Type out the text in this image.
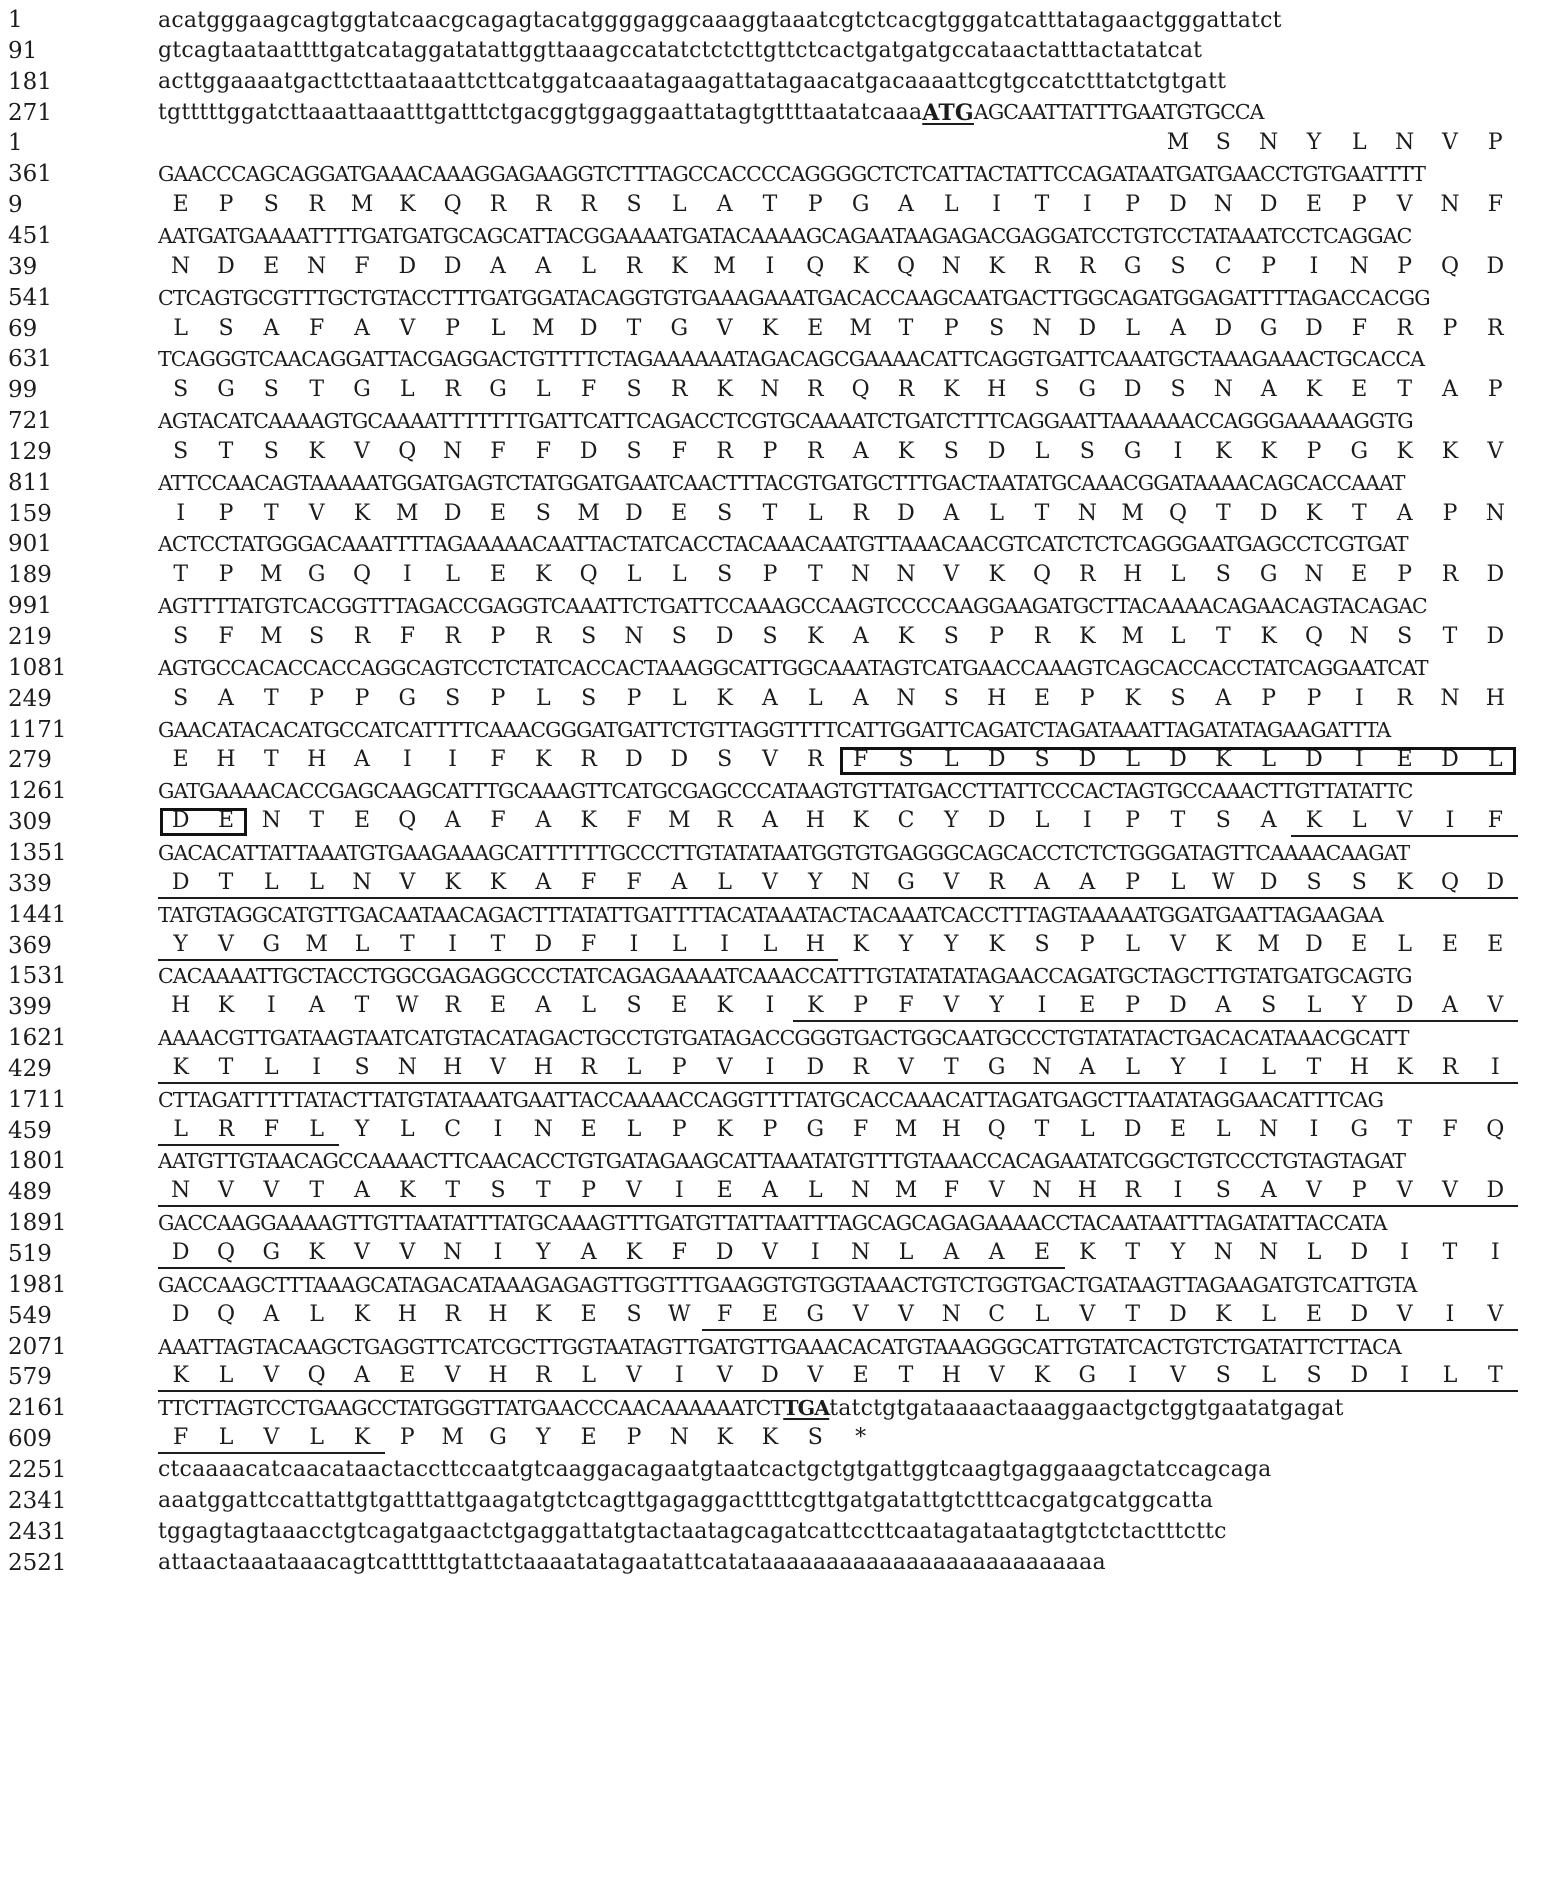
1	acatgggaagcagtggtatcaacgcagagtacatggggaggcaaaggtaaatcgtctcacgtgggatcatttatagaactgggattatct
91	gtcagtaataattttgatcataggatatattggttaaagccatatctctcttgttctcactgatgatgccataactatttactatatcat
181	acttggaaaatgacttcttaataaattcttcatggatcaaatagaagattatagaacatgacaaaattcgtgccatctttatctgtgatt
271	tgtttttggatcttaaattaaatttgatttctgacggtggaggaattatagtgttttaatatcaaa ATG AGCAATTATTTGAATGTGCCA
1	M	S	N	Y	L	N	V	P
361	GAACCCAGCAGGATGAAACAAAGGAGAAGGTCTTTAGCCACCCCAGGGGCTCTCATTACTATTCCAGATAATGATGAACCTGTGAATTTT
9	E	P	S	R	M	K	Q	R	R	R	S	L	A	T	P	G	A	L	I	T	I	P	D	N	D	E	P	V	N	F
451	AATGATGAAAATTTTGATGATGCAGCATTACGGAAAATGATACAAAAGCAGAATAAGAGACGAGGATCCTGTCCTATAAATCCTCAGGAC
39	N	D	E	N	F	D	D	A	A	L	R	K	M	I	Q	K	Q	N	K	R	R	G	S	C	P	I	N	P	Q	D
541	CTCAGTGCGTTTGCTGTACCTTTGATGGATACAGGTGTGAAAGAAATGACACCAAGCAATGACTTGGCAGATGGAGATTTTAGACCACGG
69	L	S	A	F	A	V	P	L	M	D	T	G	V	K	E	M	T	P	S	N	D	L	A	D	G	D	F	R	P	R
631	TCAGGGTCAACAGGATTACGAGGACTGTTTTCTAGAAAAAATAGACAGCGAAAACATTCAGGTGATTCAAATGCTAAAGAAACTGCACCA
99	S	G	S	T	G	L	R	G	L	F	S	R	K	N	R	Q	R	K	H	S	G	D	S	N	A	K	E	T	A	P
721	AGTACATCAAAAGTGCAAAATTTTTTTGATTCATTCAGACCTCGTGCAAAATCTGATCTTTCAGGAATTAAAAAACCAGGGAAAAAGGTG
129	S	T	S	K	V	Q	N	F	F	D	S	F	R	P	R	A	K	S	D	L	S	G	I	K	K	P	G	K	K	V
811	ATTCCAACAGTAAAAATGGATGAGTCTATGGATGAATCAACTTTACGTGATGCTTTGACTAATATGCAAACGGATAAAACAGCACCAAAT
159	I	P	T	V	K	M	D	E	S	M	D	E	S	T	L	R	D	A	L	T	N	M	Q	T	D	K	T	A	P	N
901	ACTCCTATGGGACAAATTTTAGAAAAACAATTACTATCACCTACAAACAATGTTAAACAACGTCATCTCTCAGGGAATGAGCCTCGTGAT
189	T	P	M	G	Q	I	L	E	K	Q	L	L	S	P	T	N	N	V	K	Q	R	H	L	S	G	N	E	P	R	D
991	AGTTTTATGTCACGGTTTAGACCGAGGTCAAATTCTGATTCCAAAGCCAAGTCCCCAAGGAAGATGCTTACAAAACAGAACAGTACAGAC
219	S	F	M	S	R	F	R	P	R	S	N	S	D	S	K	A	K	S	P	R	K	M	L	T	K	Q	N	S	T	D
1081	AGTGCCACACCACCAGGCAGTCCTCTATCACCACTAAAGGCATTGGCAAATAGTCATGAACCAAAGTCAGCACCACCTATCAGGAATCAT
249	S	A	T	P	P	G	S	P	L	S	P	L	K	A	L	A	N	S	H	E	P	K	S	A	P	P	I	R	N	H
1171	GAACATACACATGCCATCATTTTCAAACGGGATGATTCTGTTAGGTTTTCATTGGATTCAGATCTAGATAAATTAGATATAGAAGATTTA
279	E	H	T	H	A	I	I	F	K	R	D	D	S	V	R	F	S	L	D	S	D	L	D	K	L	D	I	E	D	L
1261	GATGAAAACACCGAGCAAGCATTTGCAAAGTTCATGCGAGCCCATAAGTGTTATGACCTTATTCCCACTAGTGCCAAACTTGTTATATTC
309	D	E	N	T	E	Q	A	F	A	K	F	M	R	A	H	K	C	Y	D	L	I	P	T	S	A	K	L	V	I	F
1351	GACACATTATTAAATGTGAAGAAAGCATTTTTTGCCCTTGTATATAATGGTGTGAGGGCAGCACCTCTCTGGGATAGTTCAAAACAAGAT
339	D	T	L	L	N	V	K	K	A	F	F	A	L	V	Y	N	G	V	R	A	A	P	L	W	D	S	S	K	Q	D
1441	TATGTAGGCATGTTGACAATAACAGACTTTATATTGATTTTACATAAATACTACAAATCACCTTTAGTAAAAATGGATGAATTAGAAGAA
369	Y	V	G	M	L	T	I	T	D	F	I	L	I	L	H	K	Y	Y	K	S	P	L	V	K	M	D	E	L	E	E
1531	CACAAAATTGCTACCTGGCGAGAGGCCCTATCAGAGAAAATCAAACCATTTGTATATATAGAACCAGATGCTAGCTTGTATGATGCAGTG
399	H	K	I	A	T	W	R	E	A	L	S	E	K	I	K	P	F	V	Y	I	E	P	D	A	S	L	Y	D	A	V
1621	AAAACGTTGATAAGTAATCATGTACATAGACTGCCTGTGATAGACCGGGTGACTGGCAATGCCCTGTATATACTGACACATAAACGCATT
429	K	T	L	I	S	N	H	V	H	R	L	P	V	I	D	R	V	T	G	N	A	L	Y	I	L	T	H	K	R	I
1711	CTTAGATTTTTATACTTATGTATAAATGAATTACCAAAACCAGGTTTTATGCACCAAACATTAGATGAGCTTAATATAGGAACATTTCAG
459	L	R	F	L	Y	L	C	I	N	E	L	P	K	P	G	F	M	H	Q	T	L	D	E	L	N	I	G	T	F	Q
1801	AATGTTGTAACAGCCAAAACTTCAACACCTGTGATAGAAGCATTAAATATGTTTGTAAACCACAGAATATCGGCTGTCCCTGTAGTAGAT
489	N	V	V	T	A	K	T	S	T	P	V	I	E	A	L	N	M	F	V	N	H	R	I	S	A	V	P	V	V	D
1891	GACCAAGGAAAAGTTGTTAATATTTATGCAAAGTTTGATGTTATTAATTTAGCAGCAGAGAAAACCTACAATAATTTAGATATTACCATA
519	D	Q	G	K	V	V	N	I	Y	A	K	F	D	V	I	N	L	A	A	E	K	T	Y	N	N	L	D	I	T	I
1981	GACCAAGCTTTAAAGCATAGACATAAAGAGAGTTGGTTTGAAGGTGTGGTAAACTGTCTGGTGACTGATAAGTTAGAAGATGTCATTGTA
549	D	Q	A	L	K	H	R	H	K	E	S	W	F	E	G	V	V	N	C	L	V	T	D	K	L	E	D	V	I	V
2071	AAATTAGTACAAGCTGAGGTTCATCGCTTGGTAATAGTTGATGTTGAAACACATGTAAAGGGCATTGTATCACTGTCTGATATTCTTACA
579	K	L	V	Q	A	E	V	H	R	L	V	I	V	D	V	E	T	H	V	K	G	I	V	S	L	S	D	I	L	T
2161	TTCTTAGTCCTGAAGCCTATGGGTTATGAACCCAACAAAAAATCT TGA tatctgtgataaaactaaaggaactgctggtgaatatgagat
609	F	L	V	L	K	P	M	G	Y	E	P	N	K	K	S	*
2251	ctcaaaacatcaacataactaccttccaatgtcaaggacagaatgtaatcactgctgtgattggtcaagtgaggaaagctatccagcaga
2341	aaatggattccattattgtgatttattgaagatgtctcagttgagaggacttttcgttgatgatattgtctttcacgatgcatggcatta
2431	tggagtagtaaacctgtcagatgaactctgaggattatgtactaatagcagatcattccttcaatagataatagtgtctctactttcttc
2521	attaactaaataaacagtcatttttgtattctaaaatatagaatattcatataaaaaaaaaaaaaaaaaaaaaaaaaa
